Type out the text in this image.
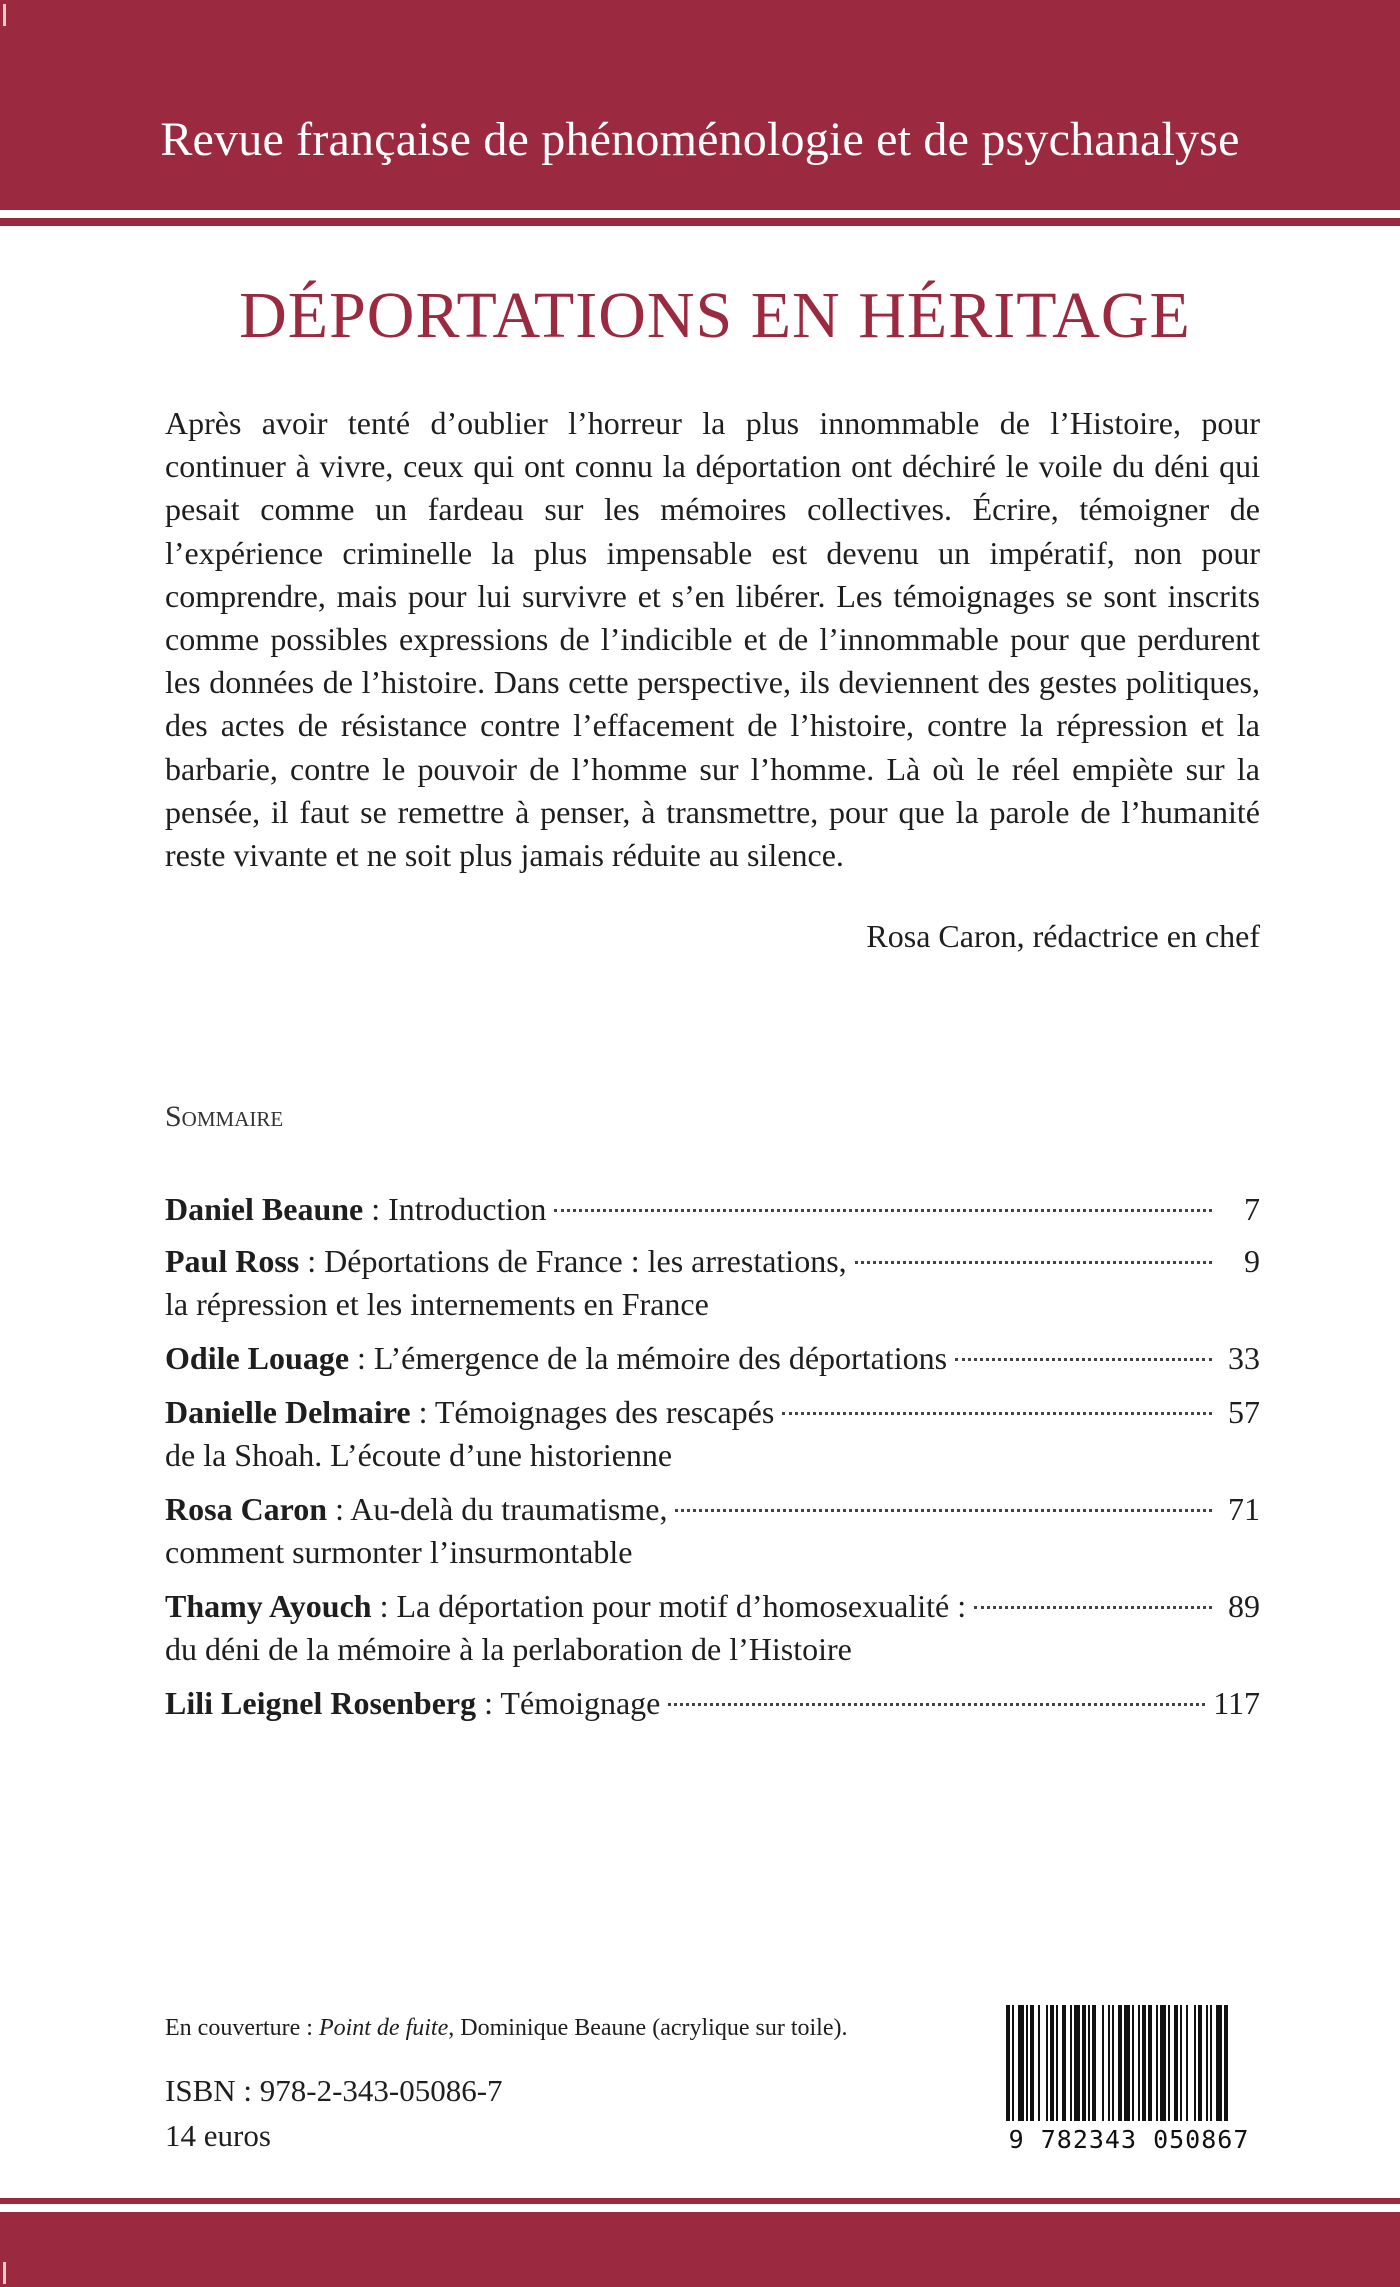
Revue française de phénoménologie et de psychanalyse
DÉPORTATIONS EN HÉRITAGE
Après avoir tenté d’oublier l’horreur la plus innommable de l’Histoire, pour continuer à vivre, ceux qui ont connu la déportation ont déchiré le voile du déni qui pesait comme un fardeau sur les mémoires collectives. Écrire, témoigner de l’expérience criminelle la plus impensable est devenu un impératif, non pour comprendre, mais pour lui survivre et s’en libérer. Les témoignages se sont inscrits comme possibles expressions de l’indicible et de l’innommable pour que perdurent les données de l’histoire. Dans cette perspective, ils deviennent des gestes politiques, des actes de résistance contre l’effacement de l’histoire, contre la répression et la barbarie, contre le pouvoir de l’homme sur l’homme. Là où le réel empiète sur la pensée, il faut se remettre à penser, à transmettre, pour que la parole de l’humanité reste vivante et ne soit plus jamais réduite au silence.
Rosa Caron, rédactrice en chef
Sommaire
Daniel Beaune : Introduction	7
Paul Ross : Déportations de France : les arrestations,	9
la répression et les internements en France
Odile Louage : L’émergence de la mémoire des déportations	33
Danielle Delmaire : Témoignages des rescapés	57
de la Shoah. L’écoute d’une historienne
Rosa Caron : Au-delà du traumatisme,	71
comment surmonter l’insurmontable
Thamy Ayouch : La déportation pour motif d’homosexualité :	89
du déni de la mémoire à la perlaboration de l’Histoire
Lili Leignel Rosenberg : Témoignage	117
En couverture : Point de fuite, Dominique Beaune (acrylique sur toile).
ISBN : 978-2-343-05086-7
14 euros	9 782343 050867
